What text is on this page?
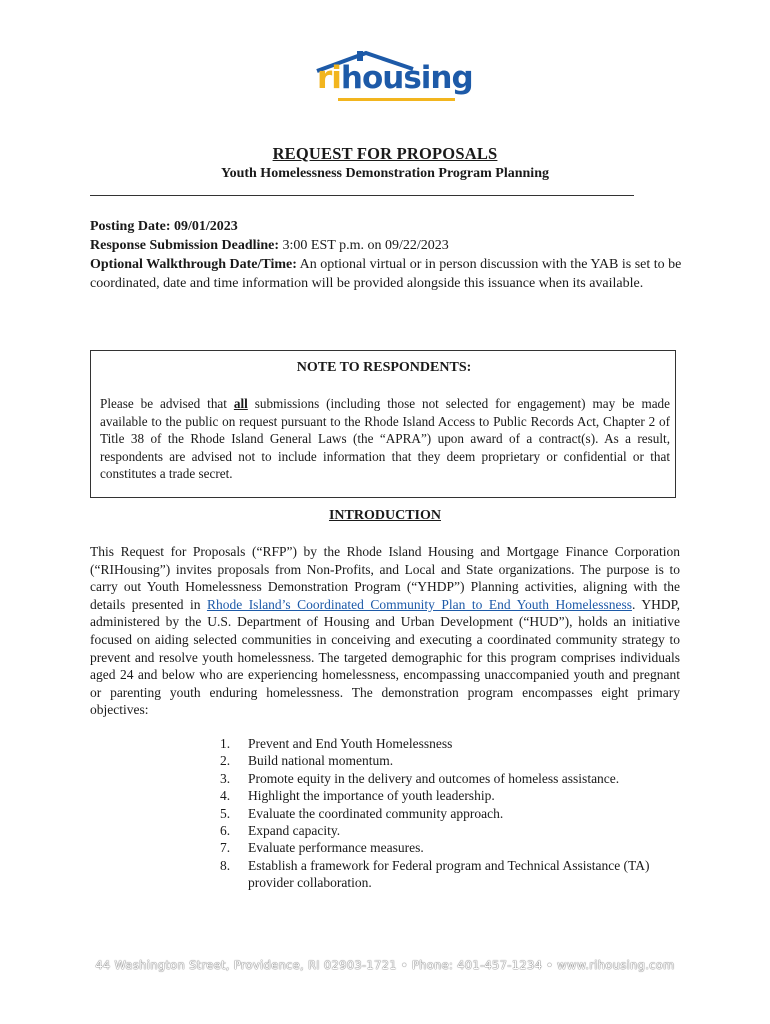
rihousing
REQUEST FOR PROPOSALS
Youth Homelessness Demonstration Program Planning

Posting Date: 09/01/2023

Response Submission Deadline: 3:00 EST p.m. on 09/22/2023

Optional Walkthrough Date/Time: An optional virtual or in person discussion with the YAB is set to be coordinated, date and time information will be provided alongside this issuance when its available.

NOTE TO RESPONDENTS:
Please be advised that all submissions (including those not selected for engagement) may be made available to the public on request pursuant to the Rhode Island Access to Public Records Act, Chapter 2 of Title 38 of the Rhode Island General Laws (the “APRA”) upon award of a contract(s). As a result, respondents are advised not to include information that they deem proprietary or confidential or that constitutes a trade secret.
INTRODUCTION
This Request for Proposals (“RFP”) by the Rhode Island Housing and Mortgage Finance Corporation (“RIHousing”) invites proposals from Non-Profits, and Local and State organizations. The purpose is to carry out Youth Homelessness Demonstration Program (“YHDP”) Planning activities, aligning with the details presented in Rhode Island’s Coordinated Community Plan to End Youth Homelessness. YHDP, administered by the U.S. Department of Housing and Urban Development (“HUD”), holds an initiative focused on aiding selected communities in conceiving and executing a coordinated community strategy to prevent and resolve youth homelessness. The targeted demographic for this program comprises individuals aged 24 and below who are experiencing homelessness, encompassing unaccompanied youth and pregnant or parenting youth enduring homelessness. The demonstration program encompasses eight primary objectives:
1.	Prevent and End Youth Homelessness
2.	Build national momentum.
3.	Promote equity in the delivery and outcomes of homeless assistance.
4.	Highlight the importance of youth leadership.
5.	Evaluate the coordinated community approach.
6.	Expand capacity.
7.	Evaluate performance measures.
8.	Establish a framework for Federal program and Technical Assistance (TA) provider collaboration.
44 Washington Street, Providence, RI 02903-1721 • Phone: 401-457-1234 • www.rihousing.com
